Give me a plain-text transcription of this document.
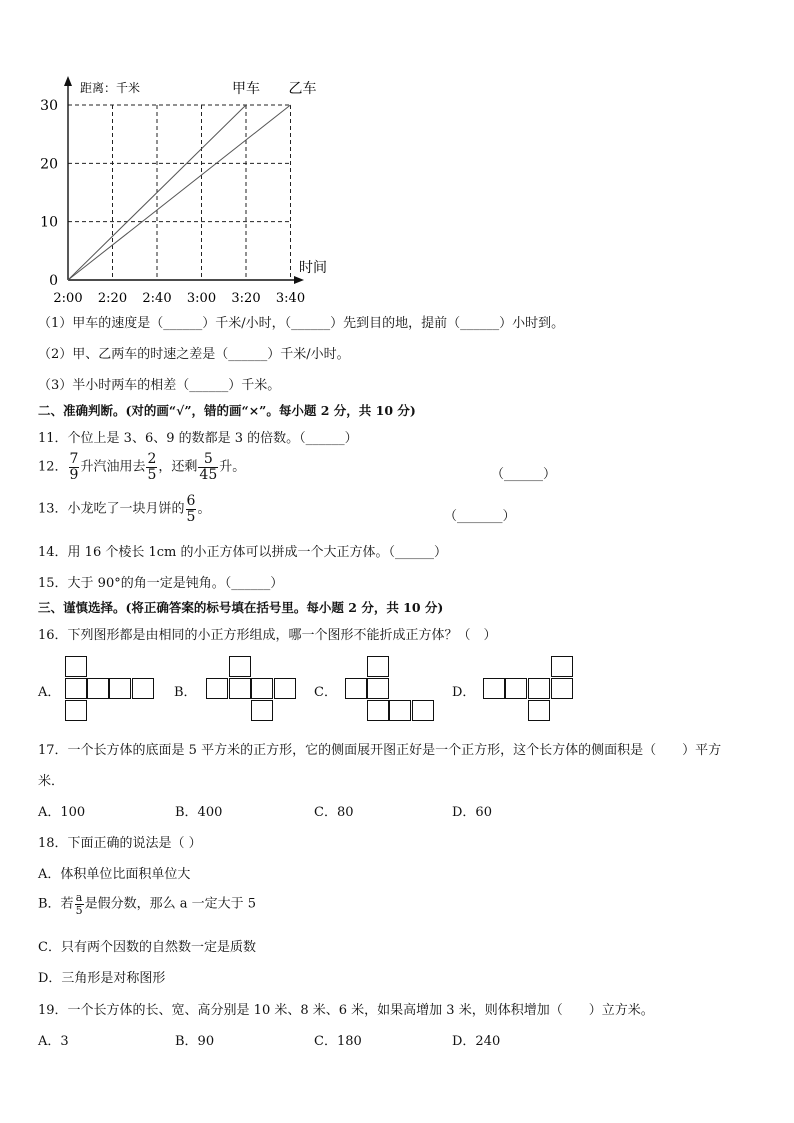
0
10
20
30
2:00 2:20 2:40 3:00 3:20 3:40
距离：千米
时间
甲车 乙车
（1）甲车的速度是（______）千米/小时，（______）先到目的地，提前（______）小时到。
（2）甲、乙两车的时速之差是（______）千米/小时。
（3）半小时两车的相差（______）千米。
二、准确判断。(对的画“√”，错的画“×”。每小题 2 分，共 10 分)
11．个位上是 3、6、9 的数都是 3 的倍数。（______）
12． $\frac{7}{9}$ 升汽油用去 $\frac{2}{5}$ ，还剩 $\frac{5}{45}$ 升。	（______）
13．小龙吃了一块月饼的 $\frac{6}{5}$ 。	（_______）
14．用 16 个棱长 1cm 的小正方体可以拼成一个大正方体。（______）
15．大于 90°的角一定是钝角。（______）
三、谨慎选择。(将正确答案的标号填在括号里。每小题 2 分，共 10 分)
16．下列图形都是由相同的小正方形组成，哪一个图形不能折成正方体？（　）
A．	B．	C．	D．
17．一个长方体的底面是 5 平方米的正方形，它的侧面展开图正好是一个正方形，这个长方体的侧面积是（　　）平方
米．
A．100	B．400	C．80	D．60
18．下面正确的说法是（ ）
A．体积单位比面积单位大
B．若 $\frac{a}{5}$ 是假分数，那么 a 一定大于 5
C．只有两个因数的自然数一定是质数
D．三角形是对称图形
19．一个长方体的长、宽、高分别是 10 米、8 米、6 米，如果高增加 3 米，则体积增加（　　）立方米。
A．3	B．90	C．180	D．240
